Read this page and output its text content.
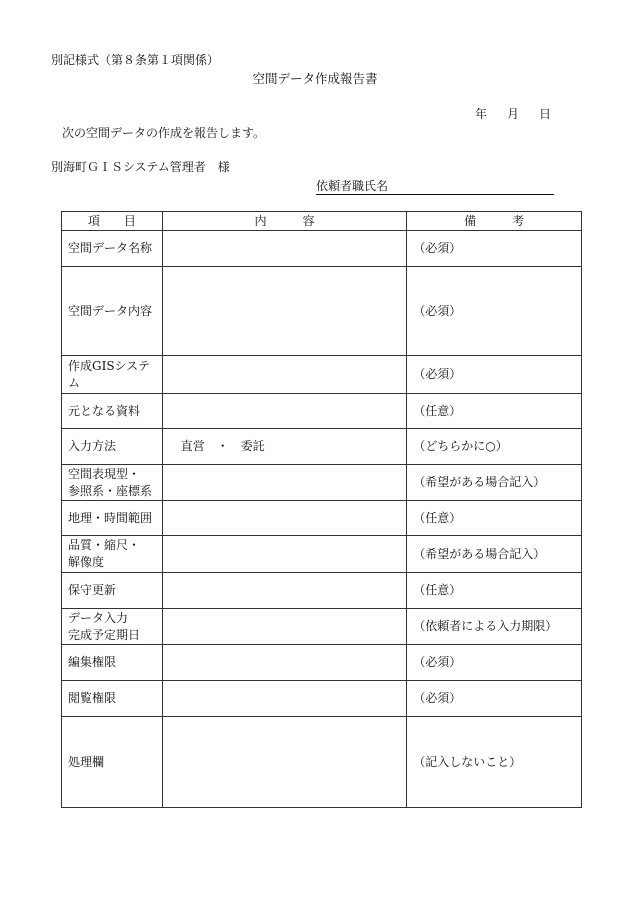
別記様式（第８条第１項関係）
空間データ作成報告書
年 月 日
次の空間データの作成を報告します。
別海町ＧＩＳシステム管理者　様
依頼者職氏名
項　　目	内　　　容	備　　　考
空間データ名称		（必須）
空間データ内容		（必須）
作成GISシステム		（必須）
元となる資料		（任意）
入力方法	直営　・　委託	（どちらかに○）

空間表現型・
参照系・座標系		（希望がある場合記入）
地理・時間範囲		（任意）

品質・縮尺・
解像度		（希望がある場合記入）
保守更新		（任意）

データ入力
完成予定期日		（依頼者による入力期限）
編集権限		（必須）
閲覧権限		（必須）
処理欄		（記入しないこと）
